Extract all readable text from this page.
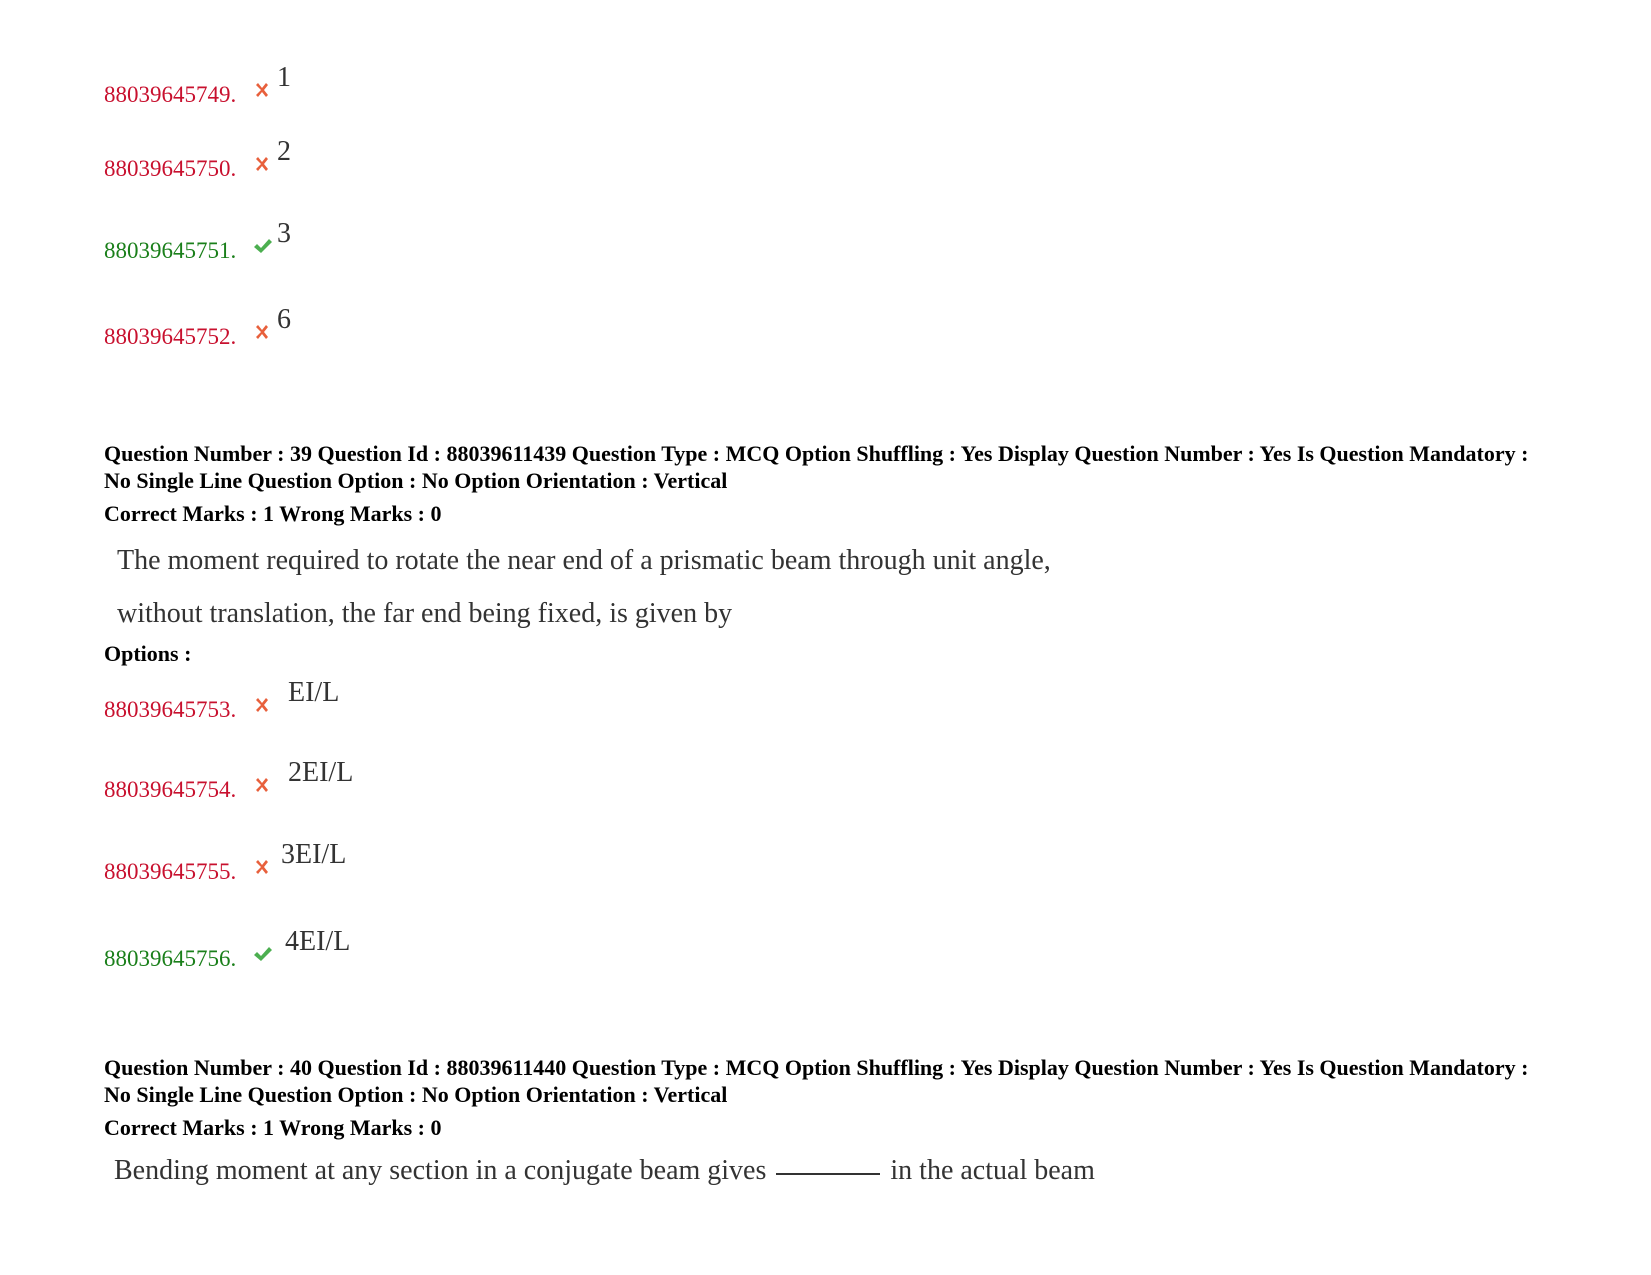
88039645749.
1
88039645750.
2
88039645751.
3
88039645752.
6
Question Number : 39 Question Id : 88039611439 Question Type : MCQ Option Shuffling : Yes Display Question Number : Yes Is Question Mandatory : No Single Line Question Option : No Option Orientation : Vertical
Correct Marks : 1 Wrong Marks : 0
The moment required to rotate the near end of a prismatic beam through unit angle,
without translation, the far end being fixed, is given by
Options :
88039645753.
EI/L
88039645754.
2EI/L
88039645755.
3EI/L
88039645756.
4EI/L
Question Number : 40 Question Id : 88039611440 Question Type : MCQ Option Shuffling : Yes Display Question Number : Yes Is Question Mandatory : No Single Line Question Option : No Option Orientation : Vertical
Correct Marks : 1 Wrong Marks : 0
Bending moment at any section in a conjugate beam gives	in the actual beam
